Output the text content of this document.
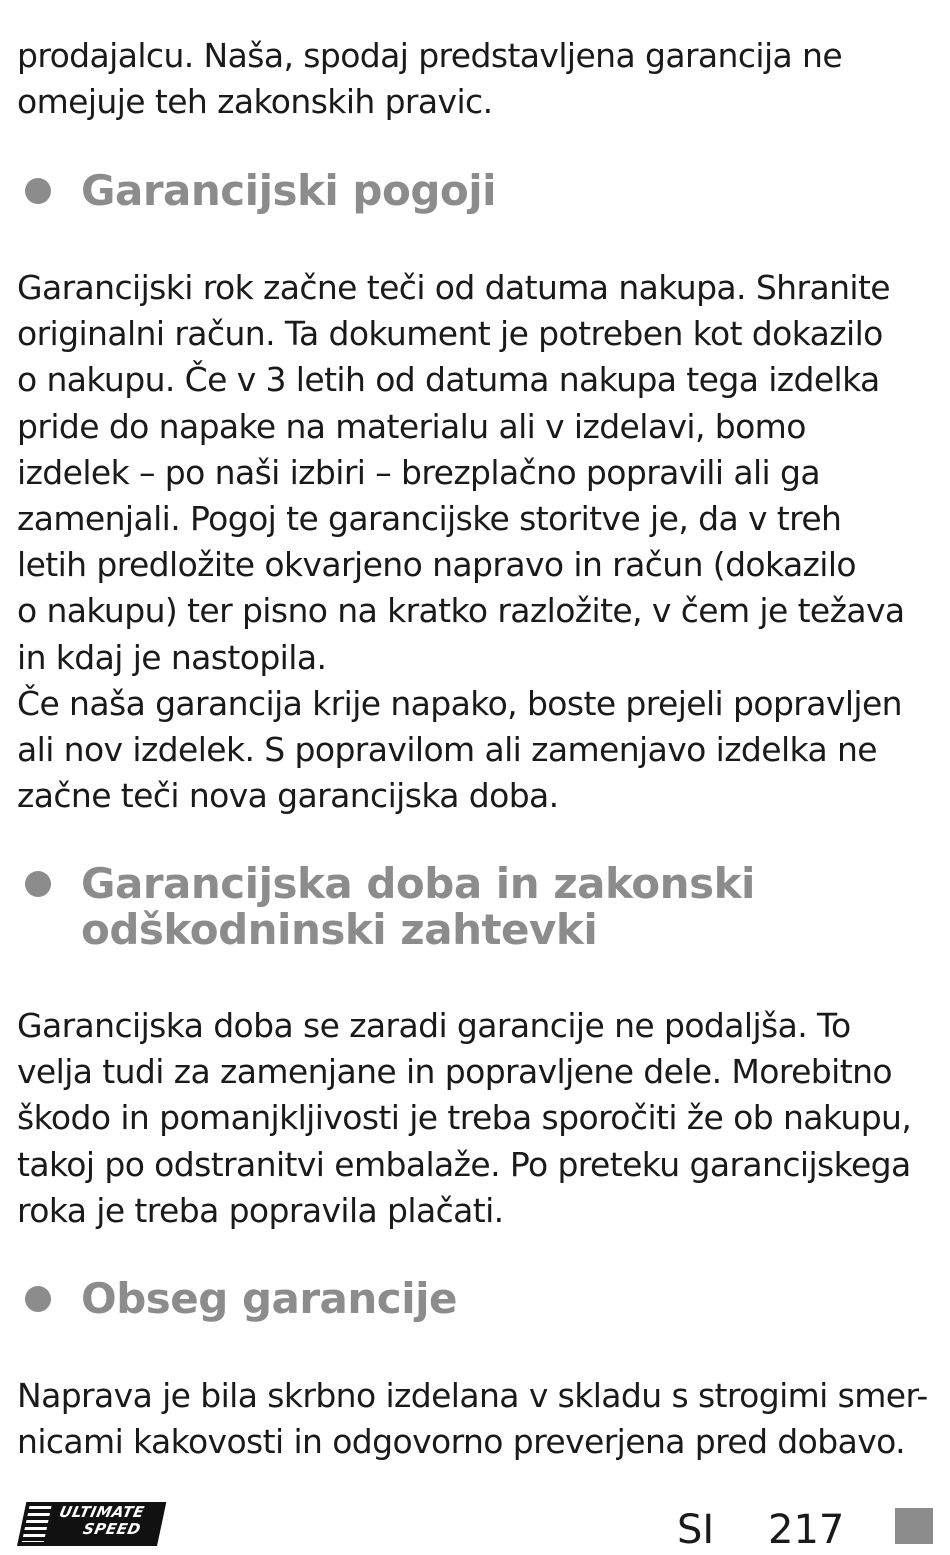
prodajalcu. Naša, spodaj predstavljena garancija ne
omejuje teh zakonskih pravic.
Garancijski pogoji
Garancijski rok začne teči od datuma nakupa. Shranite
originalni račun. Ta dokument je potreben kot dokazilo
o nakupu. Če v 3 letih od datuma nakupa tega izdelka
pride do napake na materialu ali v izdelavi, bomo
izdelek – po naši izbiri – brezplačno popravili ali ga
zamenjali. Pogoj te garancijske storitve je, da v treh
letih predložite okvarjeno napravo in račun (dokazilo
o nakupu) ter pisno na kratko razložite, v čem je težava
in kdaj je nastopila.
Če naša garancija krije napako, boste prejeli popravljen
ali nov izdelek. S popravilom ali zamenjavo izdelka ne
začne teči nova garancijska doba.
Garancijska doba in zakonski
odškodninski zahtevki
Garancijska doba se zaradi garancije ne podaljša. To
velja tudi za zamenjane in popravljene dele. Morebitno
škodo in pomanjkljivosti je treba sporočiti že ob nakupu,
takoj po odstranitvi embalaže. Po preteku garancijskega
roka je treba popravila plačati.
Obseg garancije
Naprava je bila skrbno izdelana v skladu s strogimi smer-
nicami kakovosti in odgovorno preverjena pred dobavo.
ULTIMATE
SPEED	SI 217
